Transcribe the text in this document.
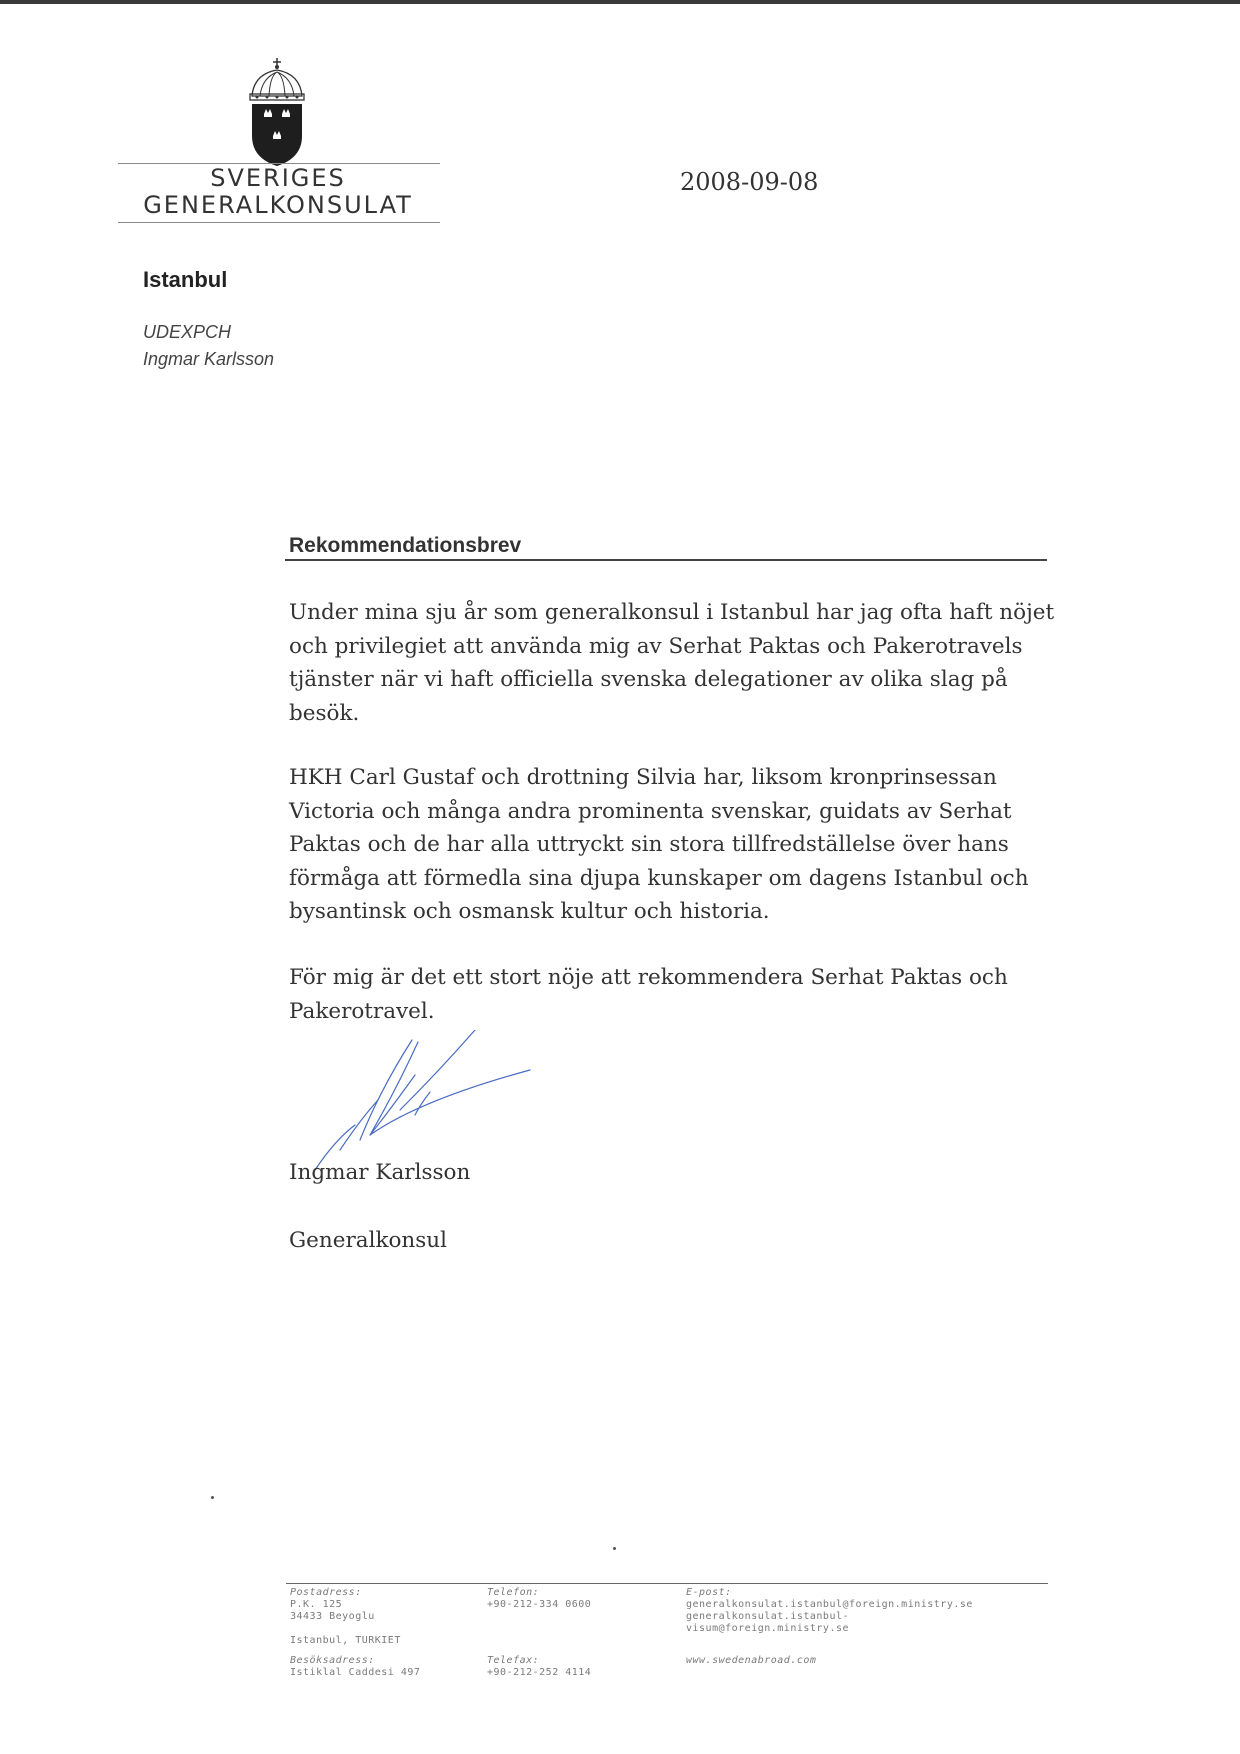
SVERIGES
GENERALKONSULAT
2008-09-08
Istanbul
UDEXPCH
Ingmar Karlsson
Rekommendationsbrev
Under mina sju år som generalkonsul i Istanbul har jag ofta haft nöjet
och privilegiet att använda mig av Serhat Paktas och Pakerotravels
tjänster när vi haft officiella svenska delegationer av olika slag på
besök.
HKH Carl Gustaf och drottning Silvia har, liksom kronprinsessan
Victoria och många andra prominenta svenskar, guidats av Serhat
Paktas och de har alla uttryckt sin stora tillfredställelse över hans
förmåga att förmedla sina djupa kunskaper om dagens Istanbul och
bysantinsk och osmansk kultur och historia.
För mig är det ett stort nöje att rekommendera Serhat Paktas och
Pakerotravel.
Ingmar Karlsson
Generalkonsul
Postadress:
P.K. 125
34433 Beyoglu
Istanbul, TURKIET
Besöksadress:
Istiklal Caddesi 497
Telefon:
+90-212-334 0600
Telefax:
+90-212-252 4114
E-post:
generalkonsulat.istanbul@foreign.ministry.se
generalkonsulat.istanbul-
visum@foreign.ministry.se
www.swedenabroad.com
